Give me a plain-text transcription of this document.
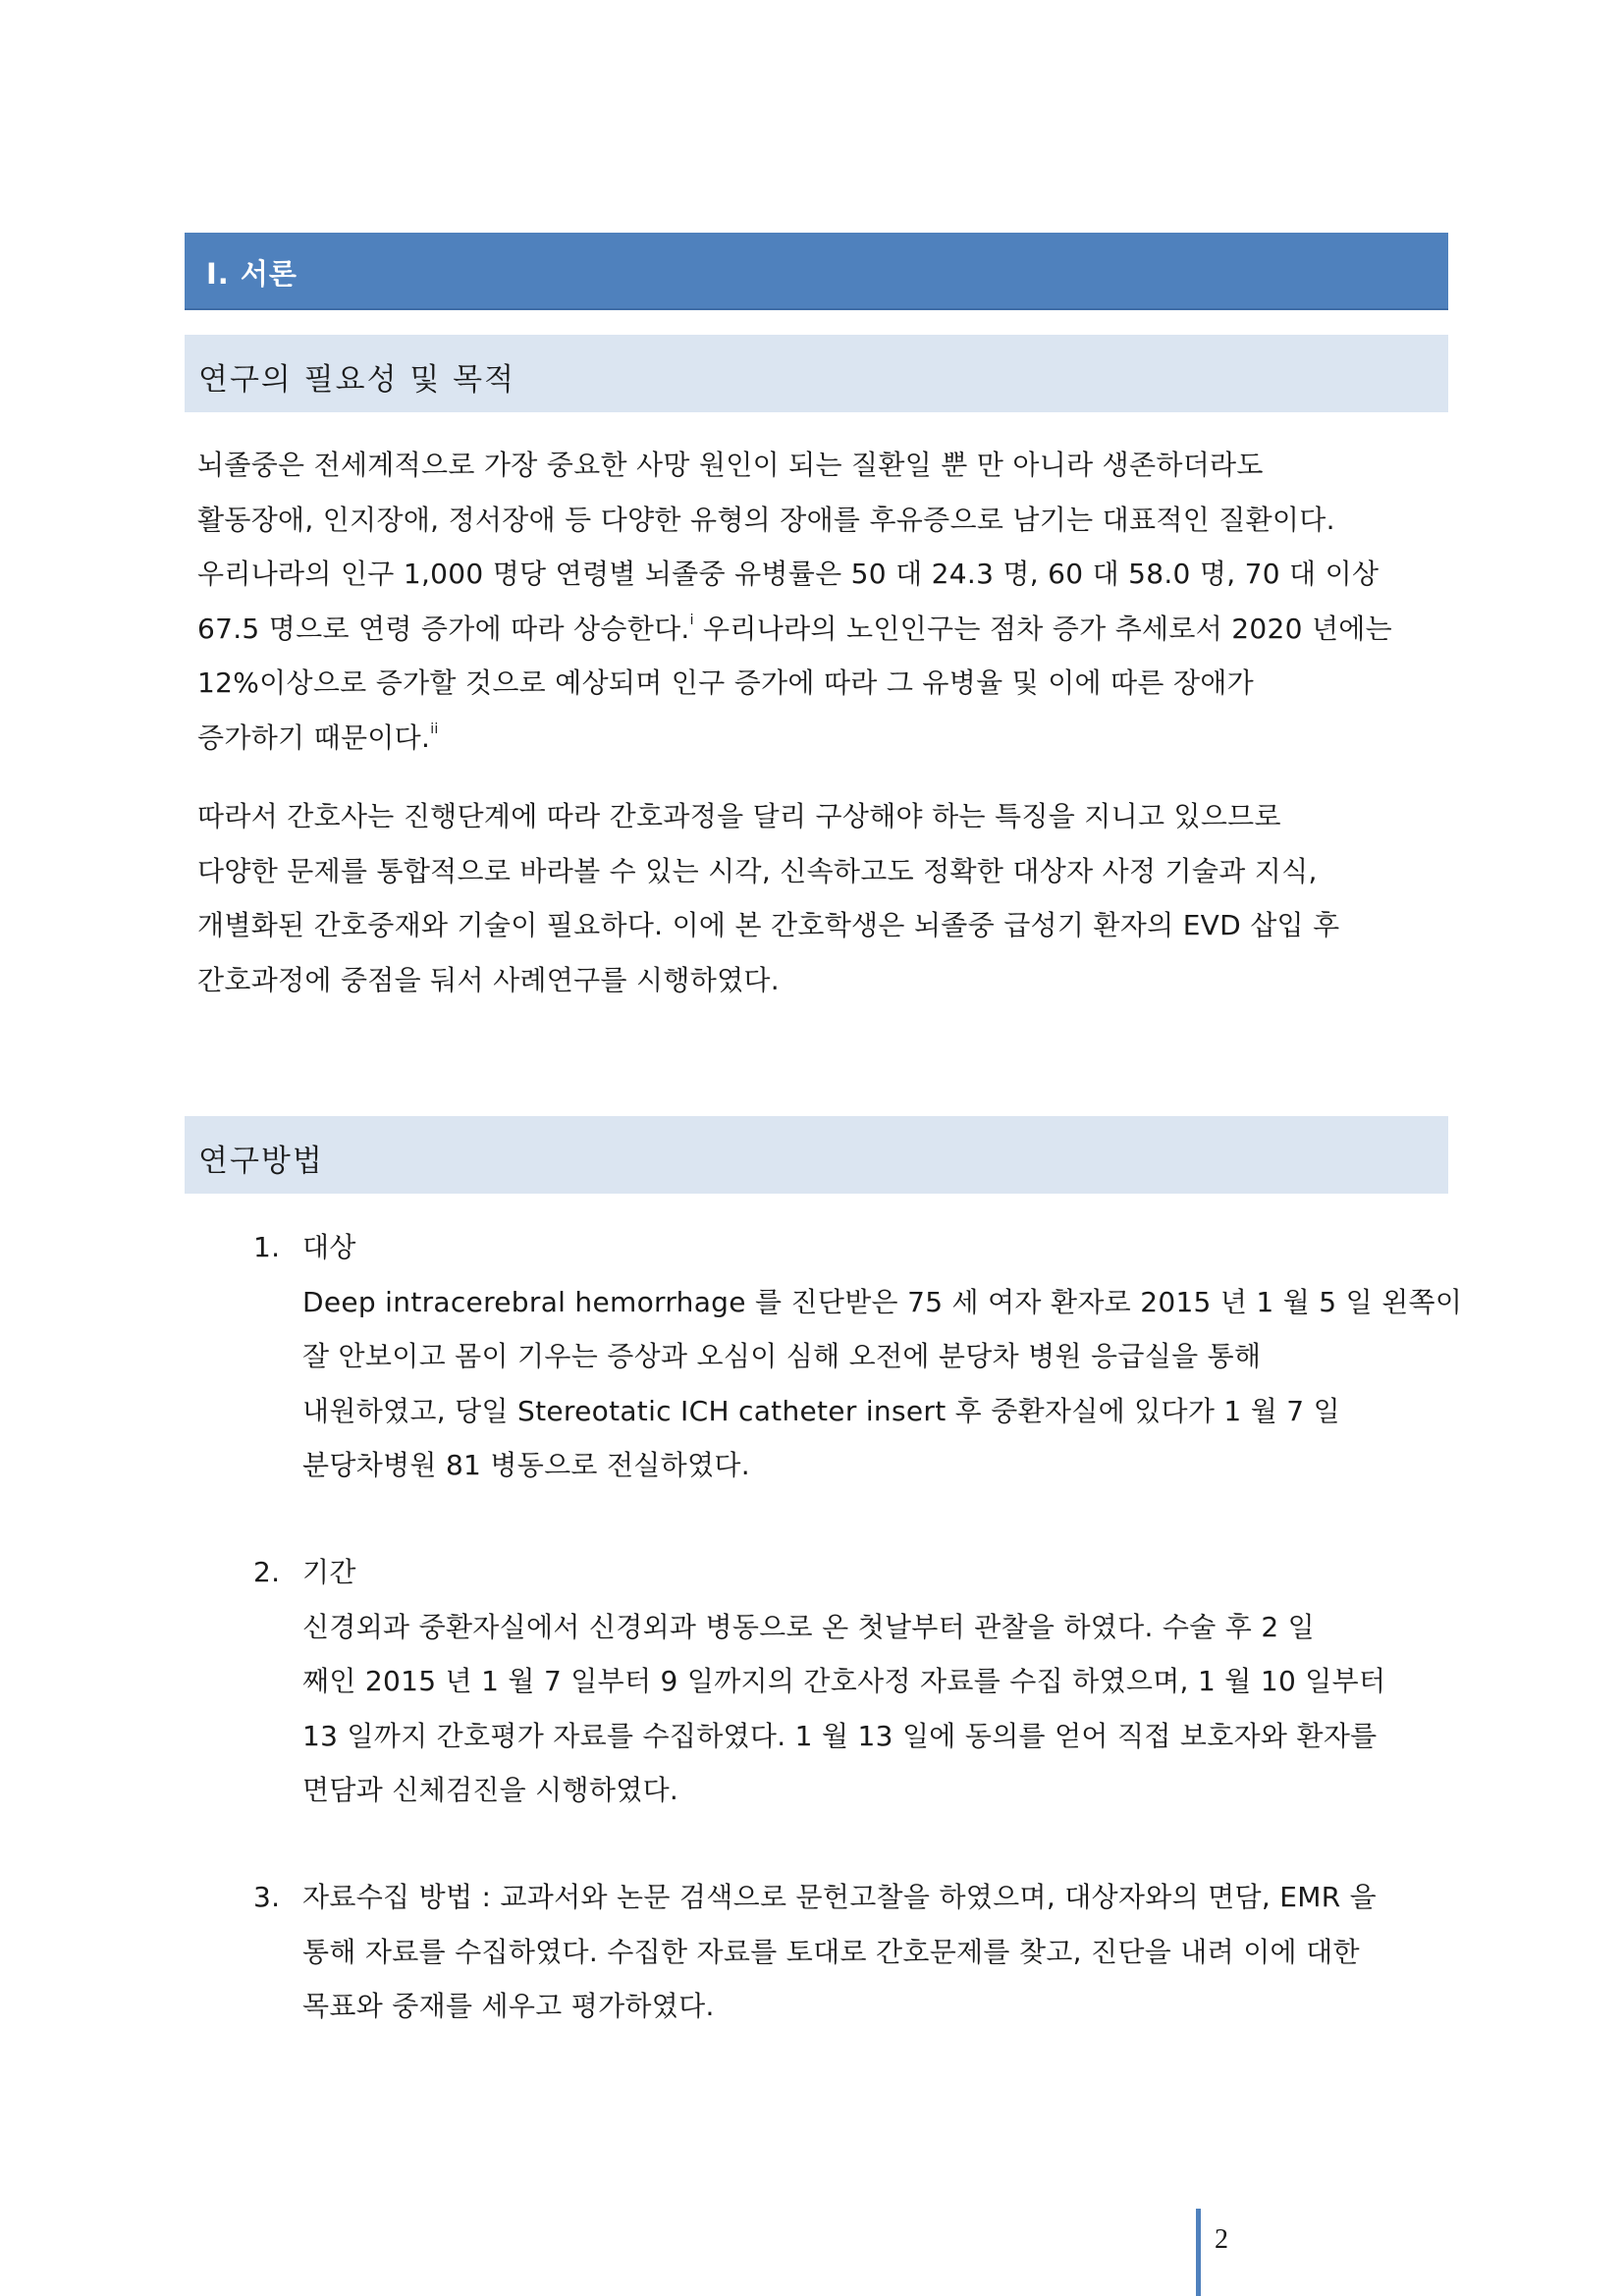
Ⅰ. 서론
연구의 필요성 및 목적
뇌졸중은 전세계적으로 가장 중요한 사망 원인이 되는 질환일 뿐 만 아니라 생존하더라도
활동장애, 인지장애, 정서장애 등 다양한 유형의 장애를 후유증으로 남기는 대표적인 질환이다.
우리나라의 인구 1,000 명당 연령별 뇌졸중 유병률은 50 대 24.3 명, 60 대 58.0 명, 70 대 이상
67.5 명으로 연령 증가에 따라 상승한다.$^i$ 우리나라의 노인인구는 점차 증가 추세로서 2020 년에는
12%이상으로 증가할 것으로 예상되며 인구 증가에 따라 그 유병율 및 이에 따른 장애가
증가하기 때문이다.$^{ii}$
따라서 간호사는 진행단계에 따라 간호과정을 달리 구상해야 하는 특징을 지니고 있으므로
다양한 문제를 통합적으로 바라볼 수 있는 시각, 신속하고도 정확한 대상자 사정 기술과 지식,
개별화된 간호중재와 기술이 필요하다. 이에 본 간호학생은 뇌졸중 급성기 환자의 EVD 삽입 후
간호과정에 중점을 둬서 사례연구를 시행하였다.
연구방법
1. 대상
Deep intracerebral hemorrhage 를 진단받은 75 세 여자 환자로 2015 년 1 월 5 일 왼쪽이
잘 안보이고 몸이 기우는 증상과 오심이 심해 오전에 분당차 병원 응급실을 통해
내원하였고, 당일 Stereotatic ICH catheter insert 후 중환자실에 있다가 1 월 7 일
분당차병원 81 병동으로 전실하였다.
2. 기간
신경외과 중환자실에서 신경외과 병동으로 온 첫날부터 관찰을 하였다. 수술 후 2 일
째인 2015 년 1 월 7 일부터 9 일까지의 간호사정 자료를 수집 하였으며, 1 월 10 일부터
13 일까지 간호평가 자료를 수집하였다. 1 월 13 일에 동의를 얻어 직접 보호자와 환자를
면담과 신체검진을 시행하였다.
3. 자료수집 방법 : 교과서와 논문 검색으로 문헌고찰을 하였으며, 대상자와의 면담, EMR 을
통해 자료를 수집하였다. 수집한 자료를 토대로 간호문제를 찾고, 진단을 내려 이에 대한
목표와 중재를 세우고 평가하였다.
2
